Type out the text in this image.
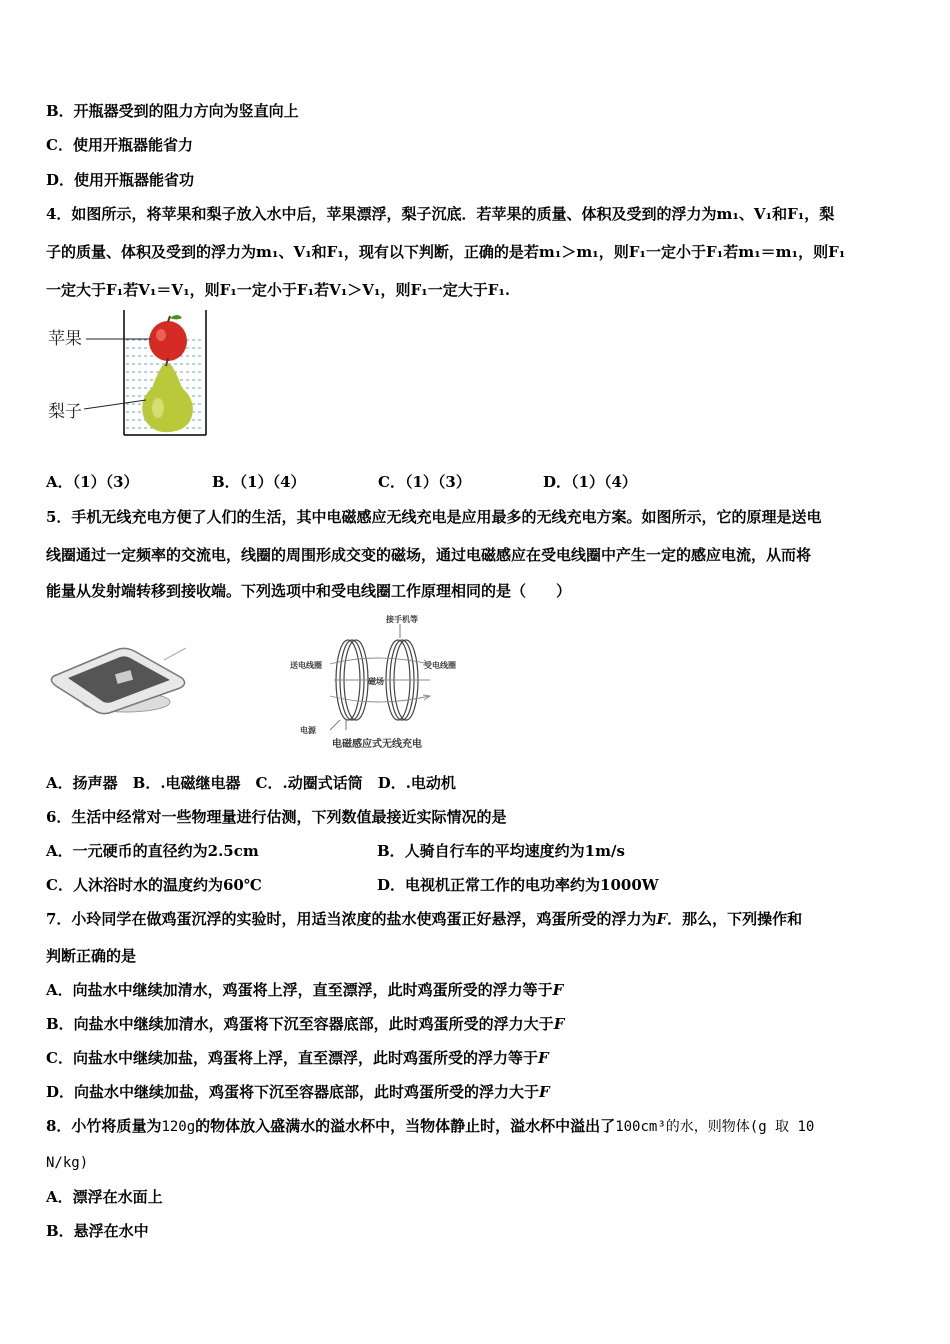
B．开瓶器受到的阻力方向为竖直向上
C．使用开瓶器能省力
D．使用开瓶器能省功
4．如图所示，将苹果和梨子放入水中后，苹果漂浮，梨子沉底．若苹果的质量、体积及受到的浮力为m₁、V₁和F₁，梨
子的质量、体积及受到的浮力为m₁、V₁和F₁，现有以下判断，正确的是若m₁＞m₁，则F₁一定小于F₁若m₁＝m₁，则F₁
一定大于F₁若V₁＝V₁，则F₁一定小于F₁若V₁＞V₁，则F₁一定大于F₁.
苹果
梨子
A．（1）（3）	B．（1）（4）	C．（1）（3）	D．（1）（4）
5．手机无线充电方便了人们的生活，其中电磁感应无线充电是应用最多的无线充电方案。如图所示，它的原理是送电
线圈通过一定频率的交流电，线圈的周围形成交变的磁场，通过电磁感应在受电线圈中产生一定的感应电流，从而将
能量从发射端转移到接收端。下列选项中和受电线圈工作原理相同的是（　　）
接手机等
送电线圈	受电线圈
电源
磁场
电磁感应式无线充电
A．扬声器　B．.电磁继电器　C．.动圈式话筒　D．.电动机
6．生活中经常对一些物理量进行估测，下列数值最接近实际情况的是
A．一元硬币的直径约为2.5cm	B．人骑自行车的平均速度约为1m/s
C．人沐浴时水的温度约为60℃	D．电视机正常工作的电功率约为1000W
7．小玲同学在做鸡蛋沉浮的实验时，用适当浓度的盐水使鸡蛋正好悬浮，鸡蛋所受的浮力为F．那么，下列操作和
判断正确的是
A．向盐水中继续加清水，鸡蛋将上浮，直至漂浮，此时鸡蛋所受的浮力等于F
B．向盐水中继续加清水，鸡蛋将下沉至容器底部，此时鸡蛋所受的浮力大于F
C．向盐水中继续加盐，鸡蛋将上浮，直至漂浮，此时鸡蛋所受的浮力等于F
D．向盐水中继续加盐，鸡蛋将下沉至容器底部，此时鸡蛋所受的浮力大于F
8．小竹将质量为120g的物体放入盛满水的溢水杯中，当物体静止时，溢水杯中溢出了100cm³的水，则物体(g 取 10
N/kg)
A．漂浮在水面上
B．悬浮在水中
